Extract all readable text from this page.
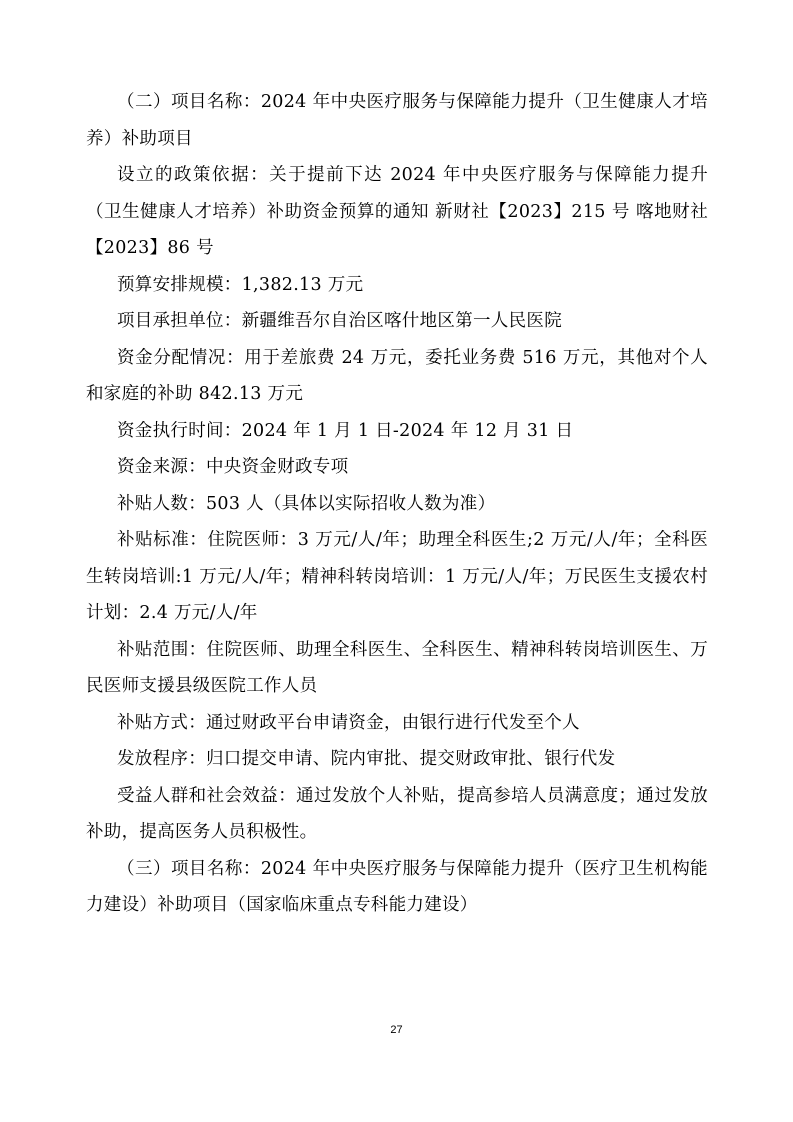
（二）项目名称：2024 年中央医疗服务与保障能力提升（卫生健康人才培养）补助项目

设立的政策依据：关于提前下达 2024 年中央医疗服务与保障能力提升（卫生健康人才培养）补助资金预算的通知 新财社【2023】215 号 喀地财社【2023】86 号

预算安排规模：1,382.13 万元

项目承担单位：新疆维吾尔自治区喀什地区第一人民医院

资金分配情况：用于差旅费 24 万元，委托业务费 516 万元，其他对个人和家庭的补助 842.13 万元

资金执行时间：2024 年 1 月 1 日-2024 年 12 月 31 日

资金来源：中央资金财政专项

补贴人数：503 人（具体以实际招收人数为准）

补贴标准：住院医师：3 万元/人/年；助理全科医生;2 万元/人/年；全科医生转岗培训:1 万元/人/年；精神科转岗培训：1 万元/人/年；万民医生支援农村计划：2.4 万元/人/年

补贴范围：住院医师、助理全科医生、全科医生、精神科转岗培训医生、万民医师支援县级医院工作人员

补贴方式：通过财政平台申请资金，由银行进行代发至个人

发放程序：归口提交申请、院内审批、提交财政审批、银行代发

受益人群和社会效益：通过发放个人补贴，提高参培人员满意度；通过发放补助，提高医务人员积极性。

（三）项目名称：2024 年中央医疗服务与保障能力提升（医疗卫生机构能力建设）补助项目（国家临床重点专科能力建设）

27
